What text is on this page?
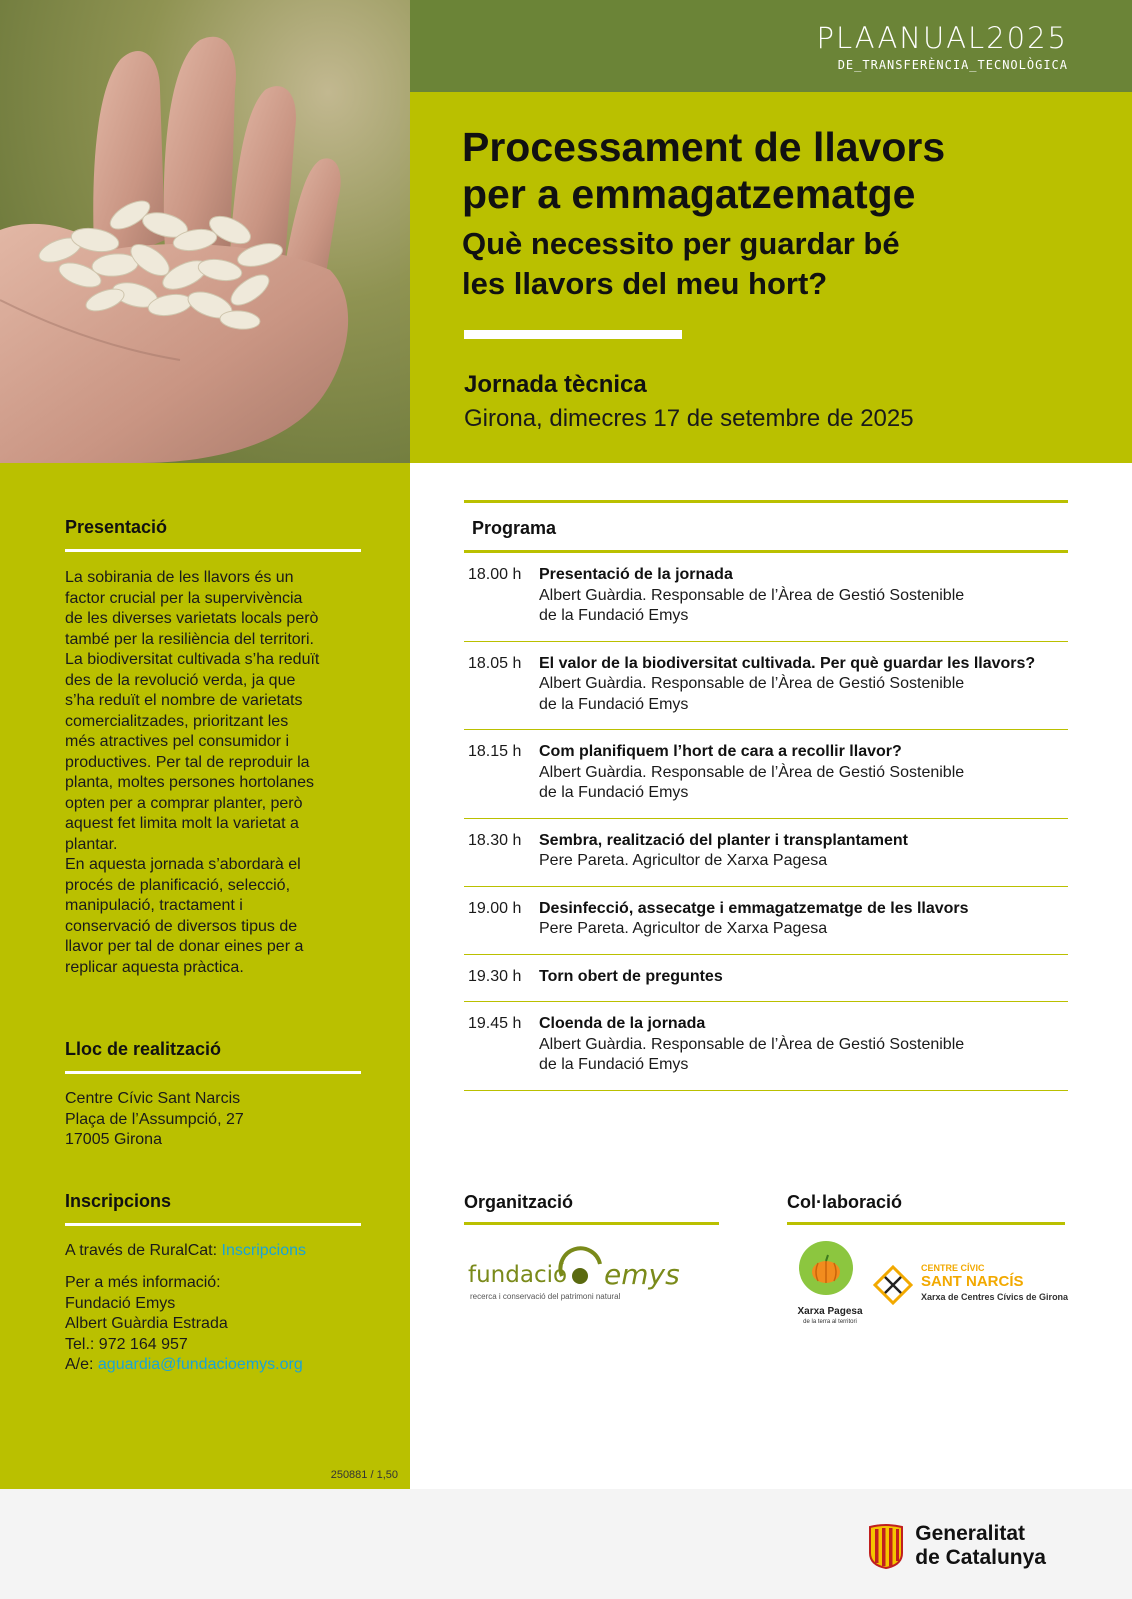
PLAANUAL2025
DE_TRANSFERÈNCIA_TECNOLÒGICA
Processament de llavors
per a emmagatzematge
Què necessito per guardar bé
les llavors del meu hort?
Jornada tècnica
Girona, dimecres 17 de setembre de 2025
Presentació
La sobirania de les llavors és un
factor crucial per la supervivència
de les diverses varietats locals però
també per la resiliència del territori.
La biodiversitat cultivada s’ha reduït
des de la revolució verda, ja que
s’ha reduït el nombre de varietats
comercialitzades, prioritzant les
més atractives pel consumidor i
productives. Per tal de reproduir la
planta, moltes persones hortolanes
opten per a comprar planter, però
aquest fet limita molt la varietat a
plantar.
En aquesta jornada s’abordarà el
procés de planificació, selecció,
manipulació, tractament i
conservació de diversos tipus de
llavor per tal de donar eines per a
replicar aquesta pràctica.
Lloc de realització
Centre Cívic Sant Narcis
Plaça de l’Assumpció, 27
17005 Girona
Inscripcions
A través de RuralCat: Inscripcions
Per a més informació:
Fundació Emys
Albert Guàrdia Estrada
Tel.: 972 164 957
A/e: aguardia@fundacioemys.org
250881 / 1,50
Programa
18.00 h	Presentació de la jornada
Albert Guàrdia. Responsable de l’Àrea de Gestió Sostenible
de la Fundació Emys
18.05 h	El valor de la biodiversitat cultivada. Per què guardar les llavors?
Albert Guàrdia. Responsable de l’Àrea de Gestió Sostenible
de la Fundació Emys
18.15 h	Com planifiquem l’hort de cara a recollir llavor?
Albert Guàrdia. Responsable de l’Àrea de Gestió Sostenible
de la Fundació Emys
18.30 h	Sembra, realització del planter i transplantament
Pere Pareta. Agricultor de Xarxa Pagesa
19.00 h	Desinfecció, assecatge i emmagatzematge de les llavors
Pere Pareta. Agricultor de Xarxa Pagesa
19.30 h	Torn obert de preguntes
19.45 h	Cloenda de la jornada
Albert Guàrdia. Responsable de l’Àrea de Gestió Sostenible
de la Fundació Emys
Organització
fundació emys
recerca i conservació del patrimoni natural
Col·laboració
Xarxa Pagesa
de la terra al territori
CENTRE CÍVIC
SANT NARCÍS
Xarxa de Centres Cívics de Girona
Generalitat
de Catalunya
